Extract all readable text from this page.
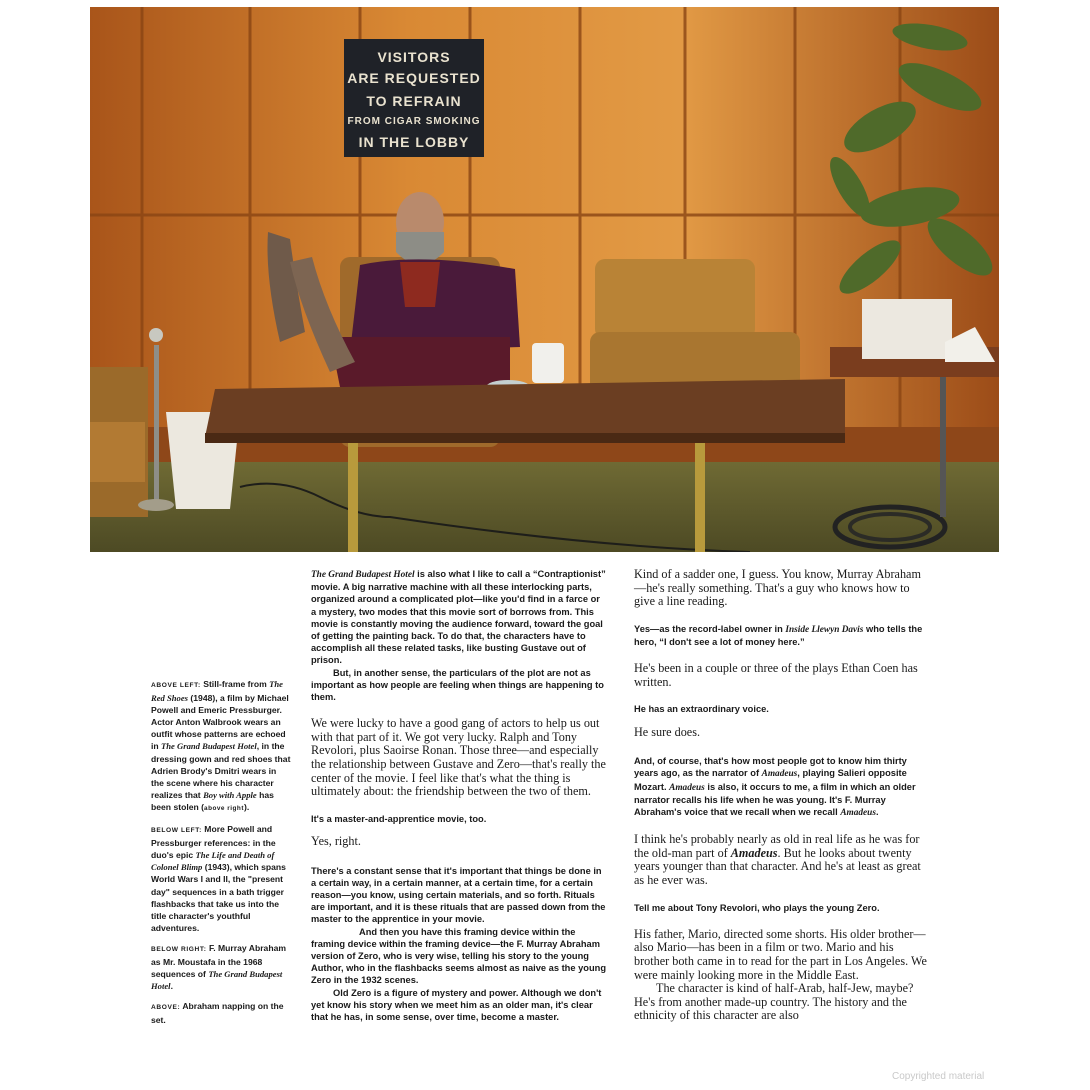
VISITORS
ARE REQUESTED
TO REFRAIN
FROM CIGAR SMOKING
IN THE LOBBY

ABOVE LEFT: Still-frame from The Red Shoes (1948), a film by Michael Powell and Emeric Pressburger. Actor Anton Walbrook wears an outfit whose patterns are echoed in The Grand Budapest Hotel, in the dressing gown and red shoes that Adrien Brody's Dmitri wears in the scene where his character realizes that Boy with Apple has been stolen (above right).

BELOW LEFT: More Powell and Pressburger references: in the duo's epic The Life and Death of Colonel Blimp (1943), which spans World Wars I and II, the "present day" sequences in a bath trigger flashbacks that take us into the title character's youthful adventures.

BELOW RIGHT: F. Murray Abraham as Mr. Moustafa in the 1968 sequences of The Grand Budapest Hotel.

ABOVE: Abraham napping on the set.

The Grand Budapest Hotel is also what I like to call a “Contraptionist” movie. A big narrative machine with all these interlocking parts, organized around a complicated plot—like you'd find in a farce or a mystery, two modes that this movie sort of borrows from. This movie is constantly moving the audience forward, toward the goal of getting the painting back. To do that, the characters have to accomplish all these related tasks, like busting Gustave out of prison.

But, in another sense, the particulars of the plot are not as important as how people are feeling when things are happening to them.

We were lucky to have a good gang of actors to help us out with that part of it. We got very lucky. Ralph and Tony Revolori, plus Saoirse Ronan. Those three—and especially the relationship between Gustave and Zero—that's really the center of the movie. I feel like that's what the thing is ultimately about: the friendship between the two of them.

It's a master-and-apprentice movie, too.

Yes, right.

There's a constant sense that it's important that things be done in a certain way, in a certain manner, at a certain time, for a certain reason—you know, using certain materials, and so forth. Rituals are important, and it is these rituals that are passed down from the master to the apprentice in your movie.

And then you have this framing device within the framing device within the framing device—the F. Murray Abraham version of Zero, who is very wise, telling his story to the young Author, who in the flashbacks seems almost as naive as the young Zero in the 1932 scenes.

Old Zero is a figure of mystery and power. Although we don't yet know his story when we meet him as an older man, it's clear that he has, in some sense, over time, become a master.

Kind of a sadder one, I guess. You know, Murray Abraham—he's really something. That's a guy who knows how to give a line reading.

Yes—as the record-label owner in Inside Llewyn Davis who tells the hero, “I don't see a lot of money here.”

He's been in a couple or three of the plays Ethan Coen has written.

He has an extraordinary voice.

He sure does.

And, of course, that's how most people got to know him thirty years ago, as the narrator of Amadeus, playing Salieri opposite Mozart. Amadeus is also, it occurs to me, a film in which an older narrator recalls his life when he was young. It's F. Murray Abraham's voice that we recall when we recall Amadeus.

I think he's probably nearly as old in real life as he was for the old-man part of Amadeus. But he looks about twenty years younger than that character. And he's at least as great as he ever was.

Tell me about Tony Revolori, who plays the young Zero.

His father, Mario, directed some shorts. His older brother—also Mario—has been in a film or two. Mario and his brother both came in to read for the part in Los Angeles. We were mainly looking more in the Middle East.

The character is kind of half-Arab, half-Jew, maybe? He's from another made-up country. The history and the ethnicity of this character are also

Copyrighted material
